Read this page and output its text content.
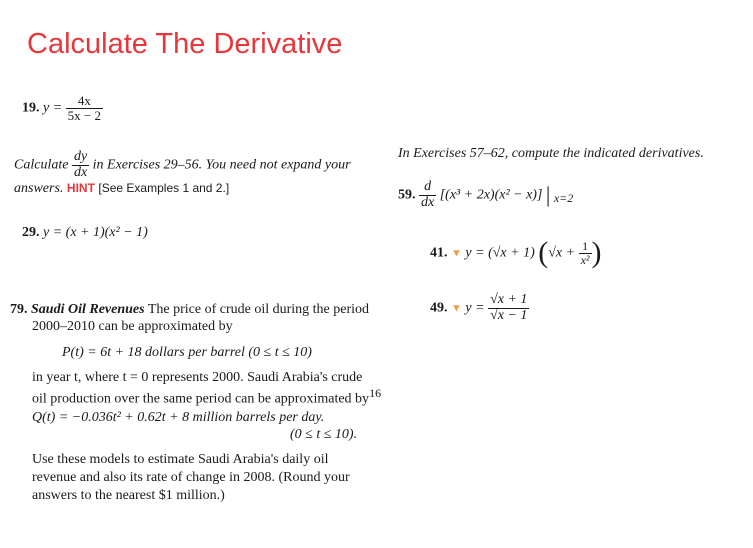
Calculate The Derivative
19. $y = \frac{4x}{5x - 2}$
Calculate $\frac{dy}{dx}$ in Exercises 29–56. You need not expand your
answers. HINT [See Examples 1 and 2.]
29. y = (x + 1)(x² − 1)
In Exercises 57–62, compute the indicated derivatives.
59. $\frac{d}{dx} [(x^3 + 2x)(x^2 - x)]$ | $_{x=2}$
41. ▼ y = (√x + 1) ($√x + \frac{1}{\text{x²}}$ )
49. ▼ $y = \frac{√x + 1}{√x - 1}$
79. Saudi Oil Revenues The price of crude oil during the period
2000–2010 can be approximated by
P(t) = 6t + 18 dollars per barrel (0 ≤ t ≤ 10)
in year t, where t = 0 represents 2000. Saudi Arabia's crude
oil production over the same period can be approximated $by^{16}$
Q(t) = −0.036t² + 0.62t + 8 million barrels per day.
(0 ≤ t ≤ 10).
Use these models to estimate Saudi Arabia's daily oil
revenue and also its rate of change in 2008. (Round your
answers to the nearest $1 million.)
